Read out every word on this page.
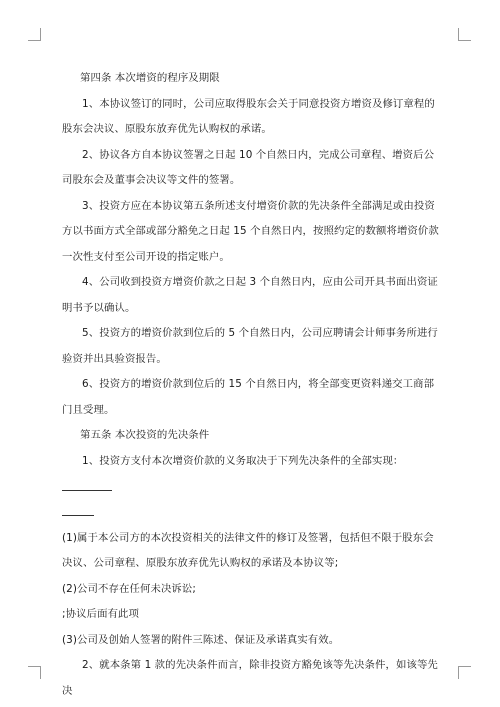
第四条 本次增资的程序及期限

1、本协议签订的同时，公司应取得股东会关于同意投资方增资及修订章程的股东会决议、原股东放弃优先认购权的承诺。

2、协议各方自本协议签署之日起 10 个自然日内，完成公司章程、增资后公司股东会及董事会决议等文件的签署。

3、投资方应在本协议第五条所述支付增资价款的先决条件全部满足或由投资方以书面方式全部或部分豁免之日起 15 个自然日内，按照约定的数额将增资价款一次性支付至公司开设的指定账户。

4、公司收到投资方增资价款之日起 3 个自然日内，应由公司开具书面出资证明书予以确认。

5、投资方的增资价款到位后的 5 个自然日内，公司应聘请会计师事务所进行验资并出具验资报告。

6、投资方的增资价款到位后的 15 个自然日内，将全部变更资料递交工商部门且受理。

第五条 本次投资的先决条件

1、投资方支付本次增资价款的义务取决于下列先决条件的全部实现：

(1)属于本公司方的本次投资相关的法律文件的修订及签署，包括但不限于股东会决议、公司章程、原股东放弃优先认购权的承诺及本协议等;

(2)公司不存在任何未决诉讼;

;协议后面有此项

(3)公司及创始人签署的附件三陈述、保证及承诺真实有效。

2、就本条第 1 款的先决条件而言，除非投资方豁免该等先决条件，如该等先决
